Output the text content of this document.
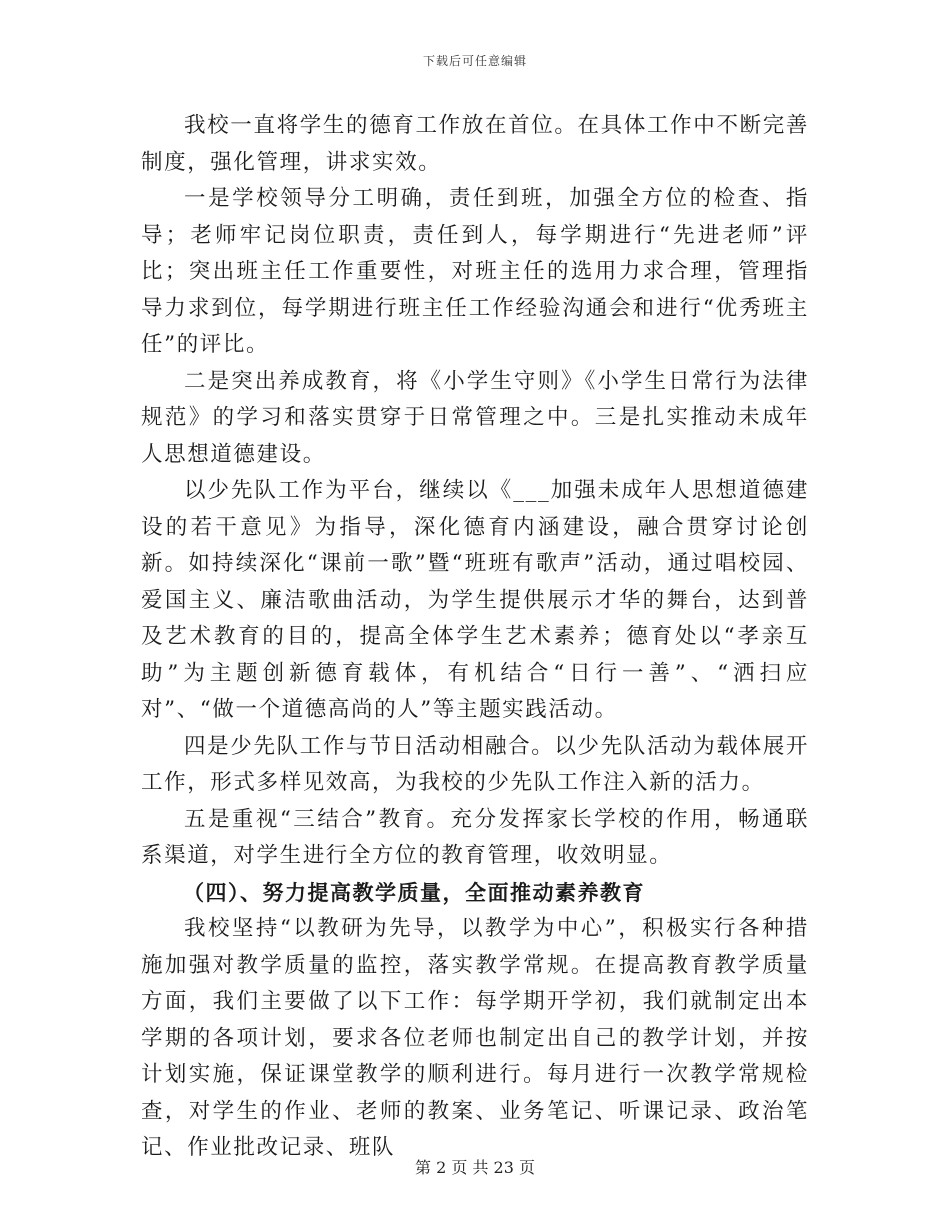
下载后可任意编辑

我校一直将学生的德育工作放在首位。在具体工作中不断完善制度，强化管理，讲求实效。

一是学校领导分工明确，责任到班，加强全方位的检查、指导；老师牢记岗位职责，责任到人，每学期进行“先进老师”评比；突出班主任工作重要性，对班主任的选用力求合理，管理指导力求到位，每学期进行班主任工作经验沟通会和进行“优秀班主任”的评比。

二是突出养成教育，将《小学生守则》《小学生日常行为法律规范》的学习和落实贯穿于日常管理之中。三是扎实推动未成年人思想道德建设。

以少先队工作为平台，继续以《___加强未成年人思想道德建设的若干意见》为指导，深化德育内涵建设，融合贯穿讨论创新。如持续深化“课前一歌”暨“班班有歌声”活动，通过唱校园、爱国主义、廉洁歌曲活动，为学生提供展示才华的舞台，达到普及艺术教育的目的，提高全体学生艺术素养；德育处以“孝亲互助”为主题创新德育载体，有机结合“日行一善”、“洒扫应对”、“做一个道德高尚的人”等主题实践活动。

四是少先队工作与节日活动相融合。以少先队活动为载体展开工作，形式多样见效高，为我校的少先队工作注入新的活力。

五是重视“三结合”教育。充分发挥家长学校的作用，畅通联系渠道，对学生进行全方位的教育管理，收效明显。

（四）、努力提高教学质量，全面推动素养教育

我校坚持“以教研为先导，以教学为中心”，积极实行各种措施加强对教学质量的监控，落实教学常规。在提高教育教学质量方面，我们主要做了以下工作：每学期开学初，我们就制定出本学期的各项计划，要求各位老师也制定出自己的教学计划，并按计划实施，保证课堂教学的顺利进行。每月进行一次教学常规检查，对学生的作业、老师的教案、业务笔记、听课记录、政治笔记、作业批改记录、班队

第 2 页 共 23 页
